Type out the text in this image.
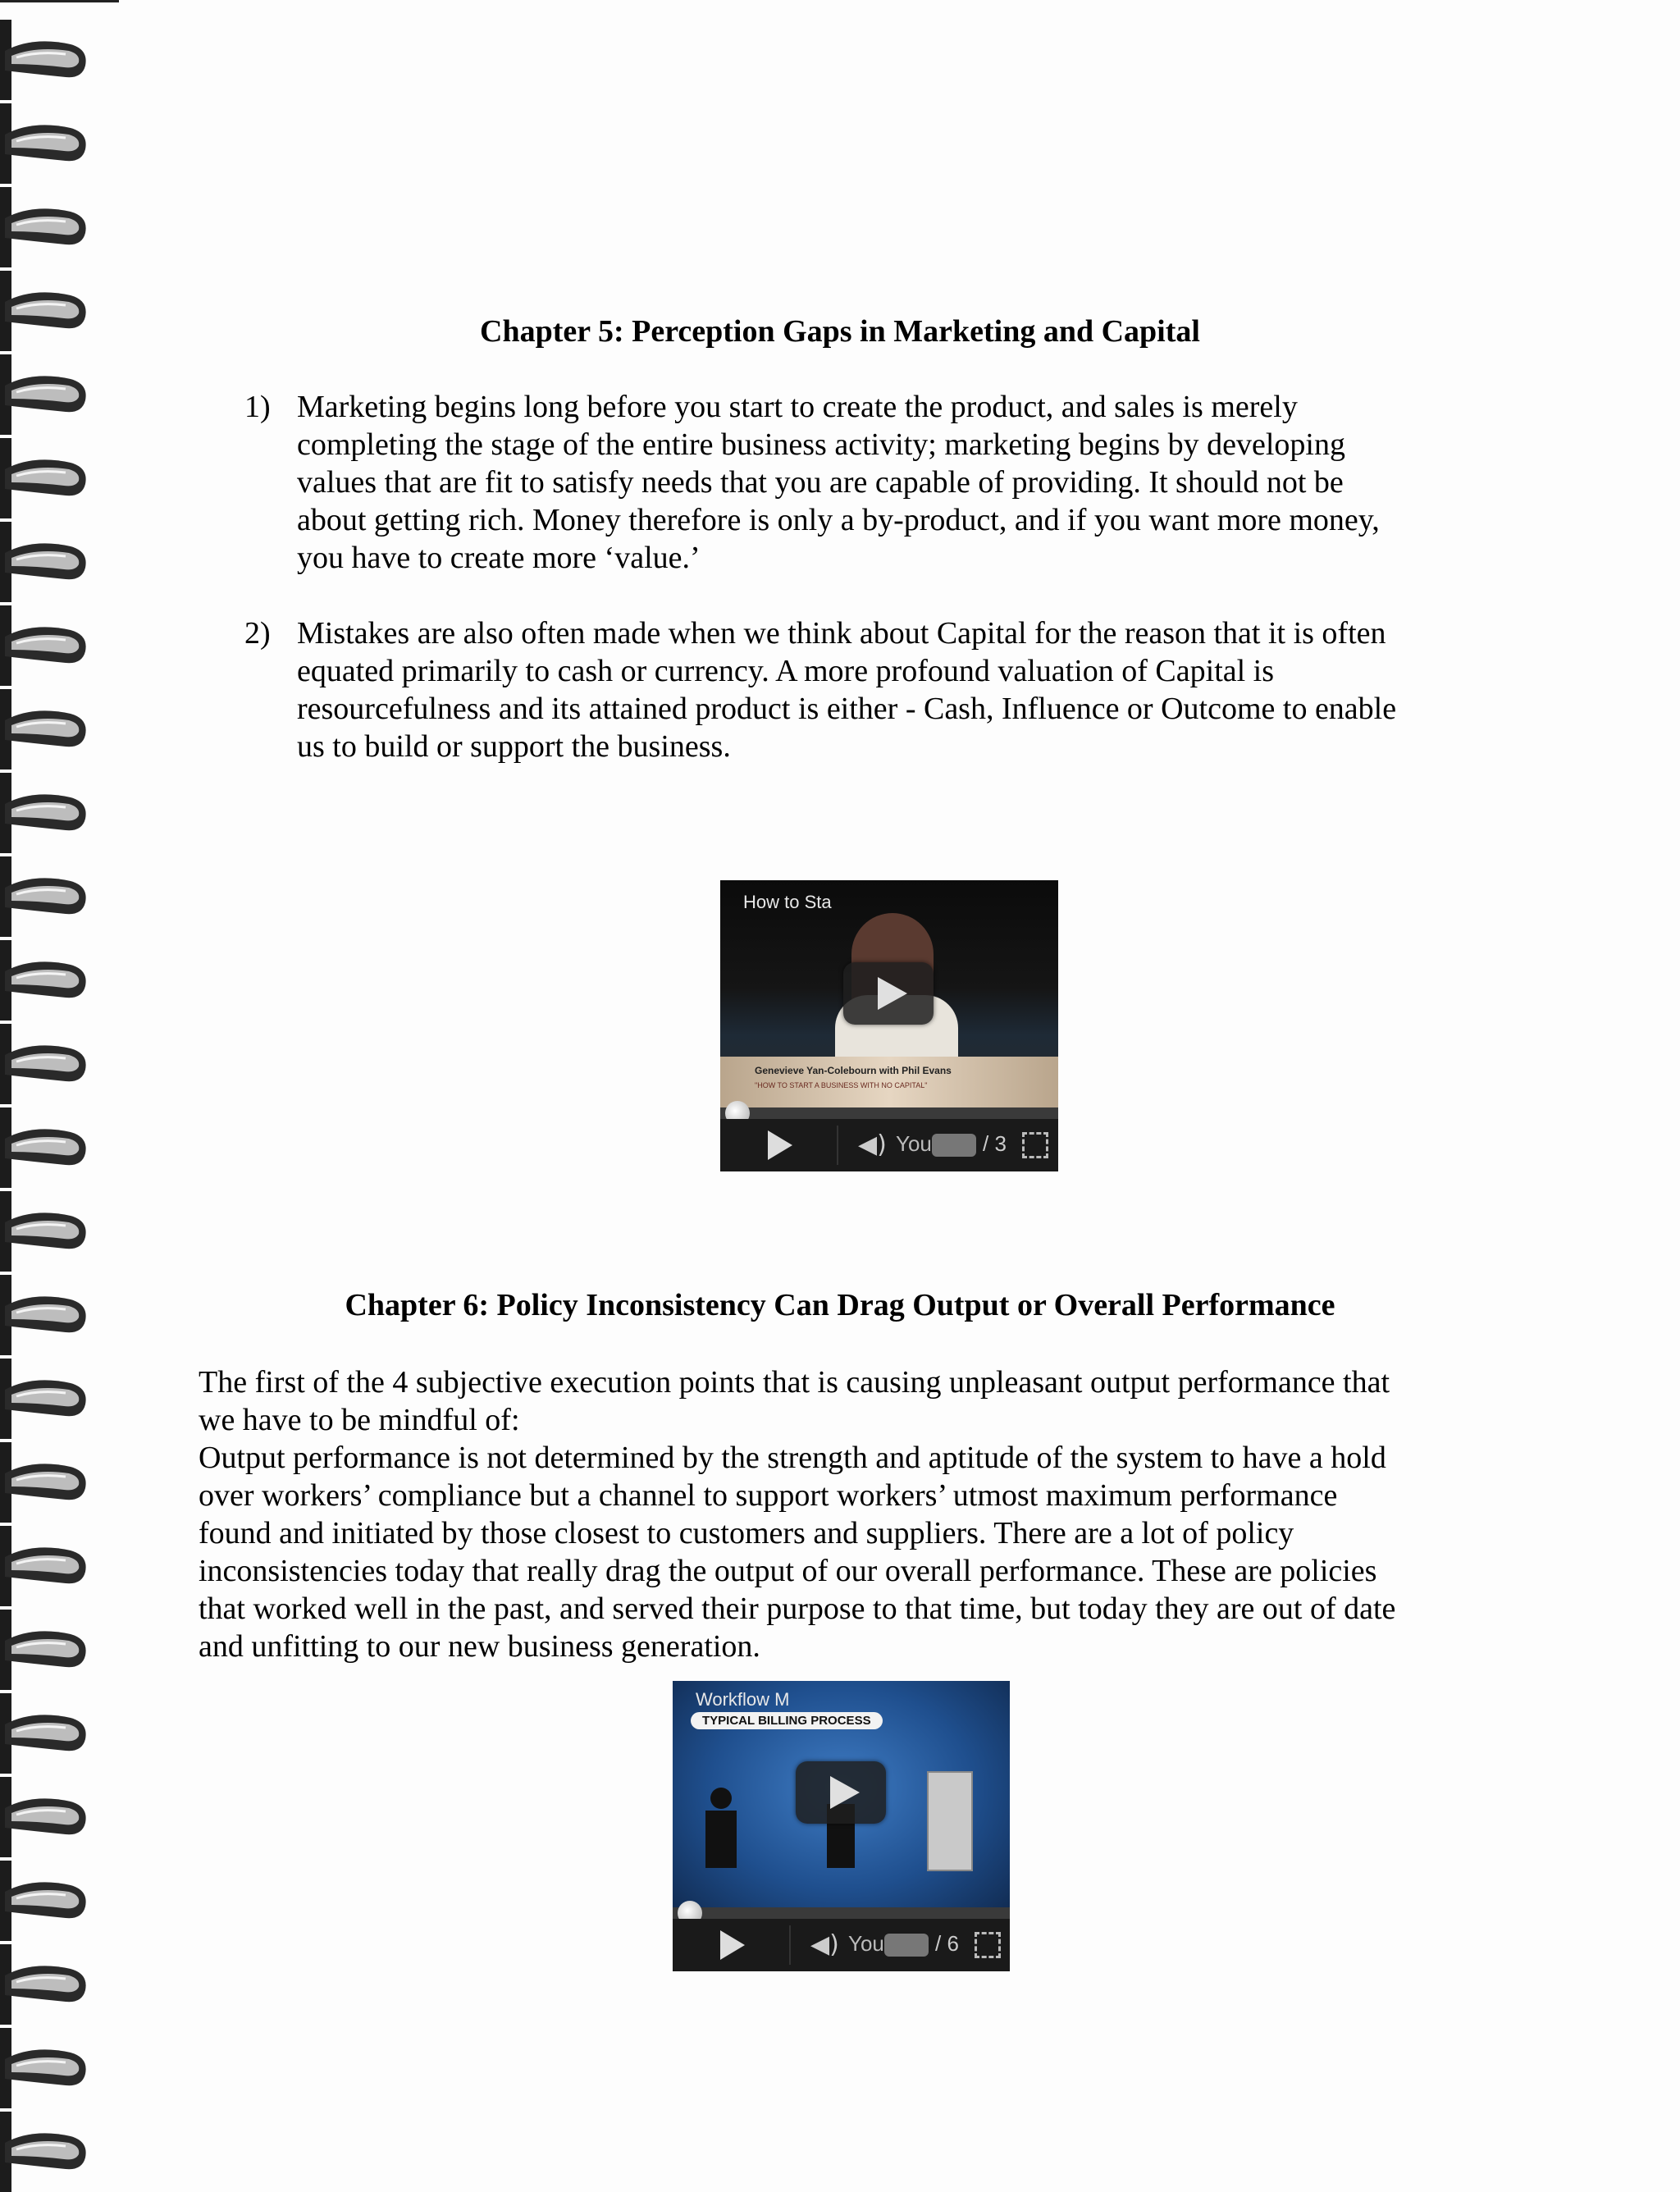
Chapter 5: Perception Gaps in Marketing and Capital
1) Marketing begins long before you start to create the product, and sales is merely
completing the stage of the entire business activity; marketing begins by developing
values that are fit to satisfy needs that you are capable of providing. It should not be
about getting rich. Money therefore is only a by-product, and if you want more money,
you have to create more ‘value.’
2) Mistakes are also often made when we think about Capital for the reason that it is often
equated primarily to cash or currency. A more profound valuation of Capital is
resourcefulness and its attained product is either - Cash, Influence or Outcome to enable
us to build or support the business.
Genevieve Yan-Colebourn with Phil Evans
"HOW TO START A BUSINESS WITH NO CAPITAL"
How to Sta
◀) You / 3
Chapter 6: Policy Inconsistency Can Drag Output or Overall Performance
The first of the 4 subjective execution points that is causing unpleasant output performance that
we have to be mindful of:
Output performance is not determined by the strength and aptitude of the system to have a hold
over workers’ compliance but a channel to support workers’ utmost maximum performance
found and initiated by those closest to customers and suppliers. There are a lot of policy
inconsistencies today that really drag the output of our overall performance. These are policies
that worked well in the past, and served their purpose to that time, but today they are out of date
and unfitting to our new business generation.
Workflow M
TYPICAL BILLING PROCESS
◀) You / 6
